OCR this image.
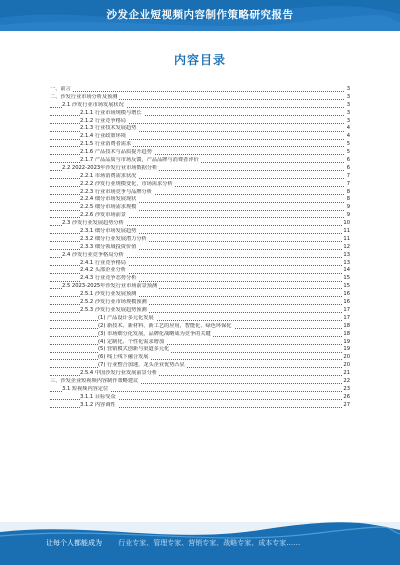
沙发企业短视频内容制作策略研究报告
内容目录
一、前言	3
二、沙发行业市场分析及预测	3
2.1 沙发行业市场发展状况	3
2.1.1 行业市场规模与增长	3
2.1.2 行业竞争格局	3
2.1.3 行业技术发展趋势	4
2.1.4 行业政策环境	4
2.1.5 行业消费者需求	5
2.1.6 产品技术与品质提升趋势	5
2.1.7 产品品质与市场反馈，产品品牌与消费者评价	6
2.2 2022-2023年沙发行业市场数据分析	6
2.2.1 市场消费需求状况	7
2.2.2 沙发行业规模变化，市场需求分析	7
2.2.3 行业市场竞争与品牌分析	8
2.2.4 细分市场发展现状	8
2.2.5 细分市场需求规模	9
2.2.6 沙发市场前景	9
2.3 沙发行业发展趋势分析	10
2.3.1 细分市场发展趋势	11
2.3.2 细分行业发展潜力分析	11
2.3.3 细分领域投资价值	12
2.4 沙发行业竞争格局分析	13
2.4.1 行业竞争格局	13
2.4.2 头部企业分析	14
2.4.3 行业竞争态势分析	15
2.5 2023-2025年沙发行业市场前景预测	15
2.5.1 沙发行业发展预测	16
2.5.2 沙发行业市场规模预测	16
2.5.3 沙发行业发展趋势预测	17
(1) 产品设计多元化发展	17
(2) 新技术、新材料、新工艺的应用，智能化、绿色环保化	18
(3) 市场细分化发展，品牌化战略成为竞争的关键	18
(4) 定制化、个性化需求增加	19
(5) 营销模式创新与渠道多元化	19
(6) 线上线下融合发展	20
(7) 行业整合加速，龙头企业优势凸显	20
2.5.4 中国沙发行业发展前景分析	21
三、沙发企业短视频内容制作策略建议	22
3.1 短视频内容定位	23
3.1.1 目标受众	26
3.1.2 内容调性	27
让每个人都能成为 行业专家、管理专家、营销专家、战略专家、成本专家……
